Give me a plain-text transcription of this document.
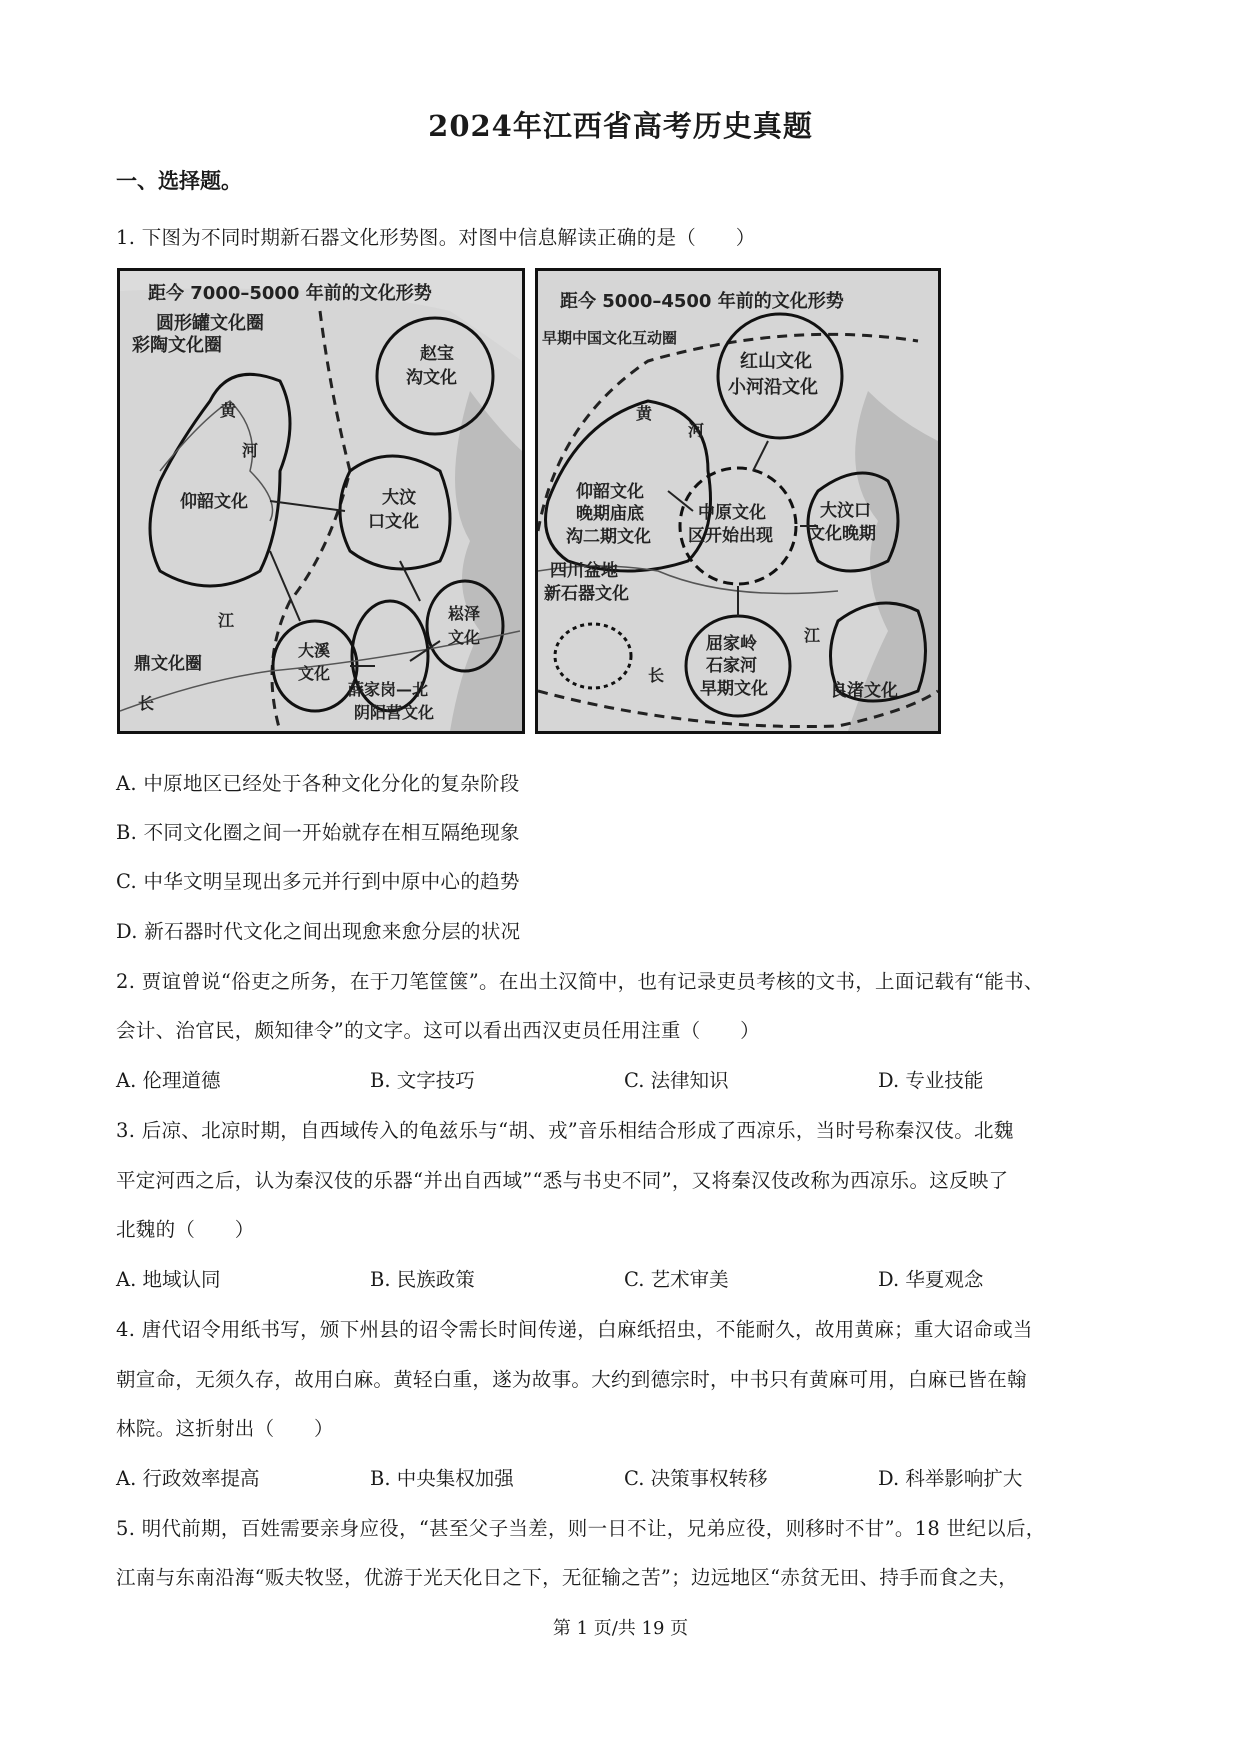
2024年江西省高考历史真题
一、选择题。
1. 下图为不同时期新石器文化形势图。对图中信息解读正确的是（　　）
距今 7000–5000 年前的文化形势
圆形罐文化圈
彩陶文化圈	赵宝
沟文化
黄
河
仰韶文化	大汶
口文化
江
大溪
文化
崧泽
文化
鼎文化圈
长
薛家岗—北
阴阳营文化
距今 5000–4500 年前的文化形势
早期中国文化互动圈
红山文化
小河沿文化
黄
河
仰韶文化
晚期庙底
沟二期文化
中原文化
区开始出现
大汶口
文化晚期
四川盆地
新石器文化
屈家岭
石家河
早期文化
江
长
良渚文化
A. 中原地区已经处于各种文化分化的复杂阶段
B. 不同文化圈之间一开始就存在相互隔绝现象
C. 中华文明呈现出多元并行到中原中心的趋势
D. 新石器时代文化之间出现愈来愈分层的状况
2. 贾谊曾说“俗吏之所务，在于刀笔筐箧”。在出土汉简中，也有记录吏员考核的文书，上面记载有“能书、
会计、治官民，颇知律令”的文字。这可以看出西汉吏员任用注重（　　）
A. 伦理道德	B. 文字技巧	C. 法律知识	D. 专业技能
3. 后凉、北凉时期，自西域传入的龟兹乐与“胡、戎”音乐相结合形成了西凉乐，当时号称秦汉伎。北魏
平定河西之后，认为秦汉伎的乐器“并出自西域”“悉与书史不同”，又将秦汉伎改称为西凉乐。这反映了
北魏的（　　）
A. 地域认同	B. 民族政策	C. 艺术审美	D. 华夏观念
4. 唐代诏令用纸书写，颁下州县的诏令需长时间传递，白麻纸招虫，不能耐久，故用黄麻；重大诏命或当
朝宣命，无须久存，故用白麻。黄轻白重，遂为故事。大约到德宗时，中书只有黄麻可用，白麻已皆在翰
林院。这折射出（　　）
A. 行政效率提高	B. 中央集权加强	C. 决策事权转移	D. 科举影响扩大
5. 明代前期，百姓需要亲身应役，“甚至父子当差，则一日不让，兄弟应役，则移时不甘”。18 世纪以后，
江南与东南沿海“贩夫牧竖，优游于光天化日之下，无征输之苦”；边远地区“赤贫无田、持手而食之夫，
第 1 页/共 19 页
